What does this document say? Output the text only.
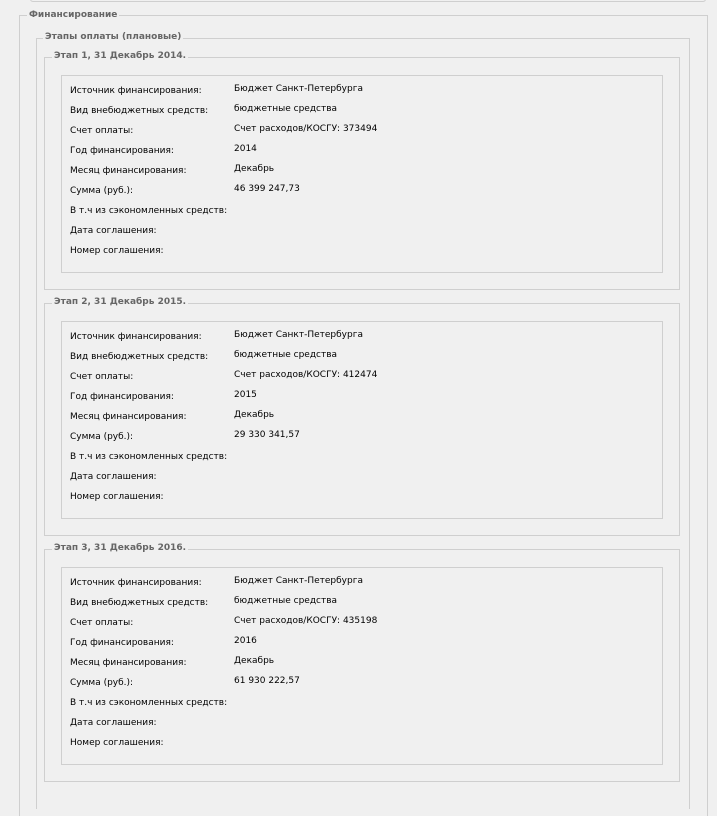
Финансирование
Этапы оплаты (плановые)
Этап 1, 31 Декабрь 2014.
Источник финансирования:	Бюджет Санкт-Петербурга
Вид внебюджетных средств:	бюджетные средства
Счет оплаты:	Счет расходов/КОСГУ: 373494
Год финансирования:	2014
Месяц финансирования:	Декабрь
Сумма (руб.):	46 399 247,73
В т.ч из сэкономленных средств:
Дата соглашения:
Номер соглашения:
Этап 2, 31 Декабрь 2015.
Источник финансирования:	Бюджет Санкт-Петербурга
Вид внебюджетных средств:	бюджетные средства
Счет оплаты:	Счет расходов/КОСГУ: 412474
Год финансирования:	2015
Месяц финансирования:	Декабрь
Сумма (руб.):	29 330 341,57
В т.ч из сэкономленных средств:
Дата соглашения:
Номер соглашения:
Этап 3, 31 Декабрь 2016.
Источник финансирования:	Бюджет Санкт-Петербурга
Вид внебюджетных средств:	бюджетные средства
Счет оплаты:	Счет расходов/КОСГУ: 435198
Год финансирования:	2016
Месяц финансирования:	Декабрь
Сумма (руб.):	61 930 222,57
В т.ч из сэкономленных средств:
Дата соглашения:
Номер соглашения:
